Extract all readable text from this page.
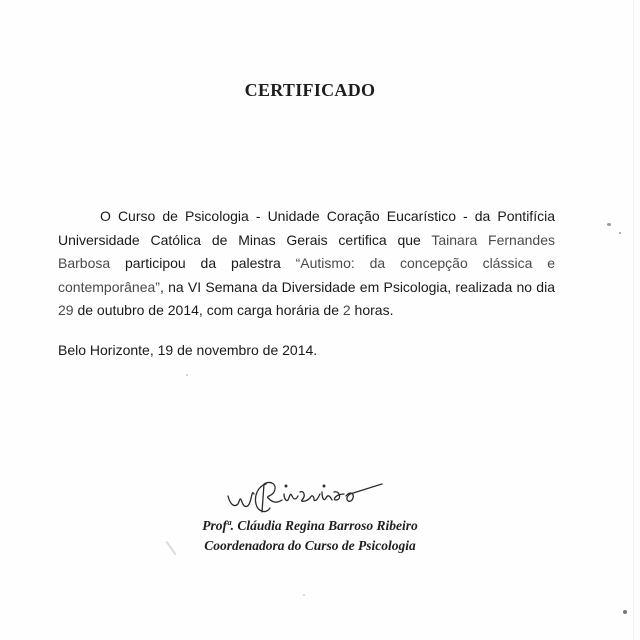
CERTIFICADO

O Curso de Psicologia - Unidade Coração Eucarístico - da Pontifícia Universidade Católica de Minas Gerais certifica que Tainara Fernandes Barbosa participou da palestra “Autismo: da concepção clássica e contemporânea”, na VI Semana da Diversidade em Psicologia, realizada no dia 29 de outubro de 2014, com carga horária de 2 horas.

Belo Horizonte, 19 de novembro de 2014.
Profª. Cláudia Regina Barroso Ribeiro
Coordenadora do Curso de Psicologia
